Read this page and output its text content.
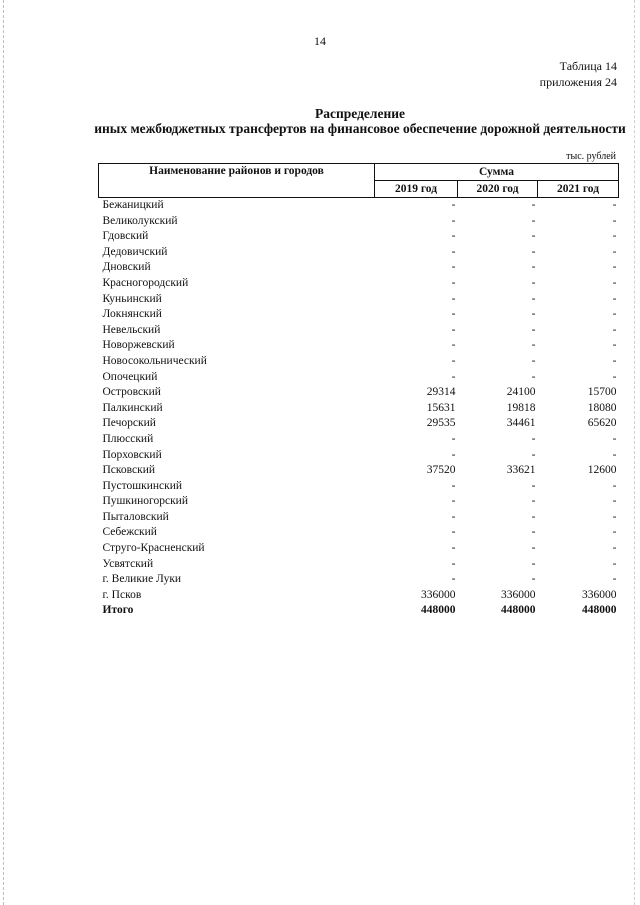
14
Таблица 14
приложения 24
Распределение
иных межбюджетных трансфертов на финансовое обеспечение дорожной деятельности
тыс. рублей
Наименование районов и городов	Сумма		
	2019 год	2020 год	2021 год
Бежаницкий	-	-	-
Великолукский	-	-	-
Гдовский	-	-	-
Дедовичский	-	-	-
Дновский	-	-	-
Красногородский	-	-	-
Куньинский	-	-	-
Локнянский	-	-	-
Невельский	-	-	-
Новоржевский	-	-	-
Новосокольнический	-	-	-
Опочецкий	-	-	-
Островский	29314	24100	15700
Палкинский	15631	19818	18080
Печорский	29535	34461	65620
Плюсский	-	-	-
Порховский	-	-	-
Псковский	37520	33621	12600
Пустошкинский	-	-	-
Пушкиногорский	-	-	-
Пыталовский	-	-	-
Себежский	-	-	-
Струго-Красненский	-	-	-
Усвятский	-	-	-
г. Великие Луки	-	-	-
г. Псков	336000	336000	336000
Итого	448000	448000	448000
